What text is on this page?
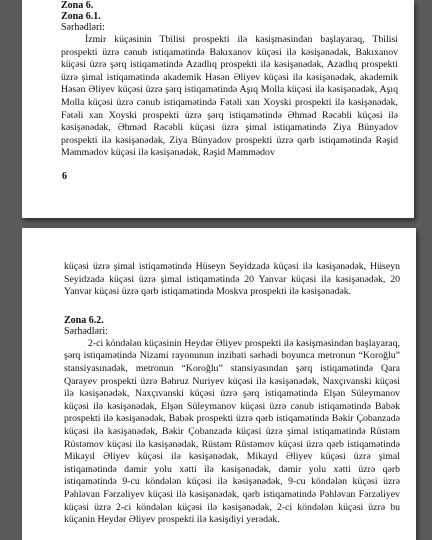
Zona 6.
Zona 6.1.
Sərhədləri:

İzmir küçəsinin Tbilisi prospekti ilə kəsişməsindən başlayaraq, Tbilisi prospekti üzrə cənub istiqamətində Bakıxanov küçəsi ilə kəsişənədək, Bakıxanov küçəsi üzrə şərq istiqamətində Azadlıq prospekti ilə kəsişənədək, Azadlıq prospekti üzrə şimal istiqamətində akademik Həsən Əliyev küçəsi ilə kəsişənədək, akademik Həsən Əliyev küçəsi üzrə şərq istiqamətində Aşıq Molla küçəsi ilə kəsişənədək, Aşıq Molla küçəsi üzrə cənub istiqamətində Fətəli xan Xoyski prospekti ilə kəsişənədək, Fətəli xan Xoyski prospekti üzrə şərq istiqamətində Əhməd Rəcəbli küçəsi ilə kəsişənədək, Əhməd Rəcəbli küçəsi üzrə şimal istiqamətində Ziya Bünyadov prospekti ilə kəsişənədək, Ziya Bünyadov prospekti üzrə qərb istiqamətində Rəşid Məmmədov küçəsi ilə kəsişənədək, Rəşid Məmmədov

6

küçəsi üzrə şimal istiqamətində Hüseyn Seyidzadə küçəsi ilə kəsişənədək, Hüseyn Seyidzadə küçəsi üzrə şimal istiqamətində 20 Yanvar küçəsi ilə kəsişənədək, 20 Yanvar küçəsi üzrə qərb istiqamətində Moskva prospekti ilə kəsişənədək.

Zona 6.2.
Sərhədləri:

2-ci köndələn küçəsinin Heydər Əliyev prospekti ilə kəsişməsindən başlayaraq, şərq istiqamətində Nizami rayonunun inzibati sərhədi boyunca metronun “Koroğlu” stansiyasınadək, metronun “Koroğlu” stansiyasından şərq istiqamətində Qara Qarayev prospekti üzrə Bəhruz Nuriyev küçəsi ilə kəsişənədək, Naxçıvanski küçəsi ilə kəsişənədək, Naxçıvanski küçəsi üzrə şərq istiqamətində Elşən Süleymanov küçəsi ilə kəsişənədək, Elşən Süleymanov küçəsi üzrə cənub istiqamətində Babək prospekti ilə kəsişənədək, Babək prospekti üzrə qərb istiqamətində Bəkir Çobanzadə küçəsi ilə kəsişənədək, Bəkir Çobanzadə küçəsi üzrə şimal istiqamətində Rüstəm Rüstəmov küçəsi ilə kəsişənədək, Rüstəm Rüstəmov küçəsi üzrə qərb istiqamətində Mikayıl Əliyev küçəsi ilə kəsişənədək, Mikayıl Əliyev küçəsi üzrə şimal istiqamətində dəmir yolu xətti ilə kəsişənədək, dəmir yolu xətti üzrə qərb istiqamətində 9-cu köndələn küçəsi ilə kəsişənədək, 9-cu köndələn küçəsi üzrə Pəhləvan Fərzəliyev küçəsi ilə kəsişənədək, qərb istiqamətində Pəhləvan Fərzəliyev küçəsi üzrə 2-ci köndələn küçəsi ilə kəsişənədək, 2-ci köndələn küçəsi üzrə bu küçənin Heydər Əliyev prospekti ilə kəsişdiyi yerədək.
